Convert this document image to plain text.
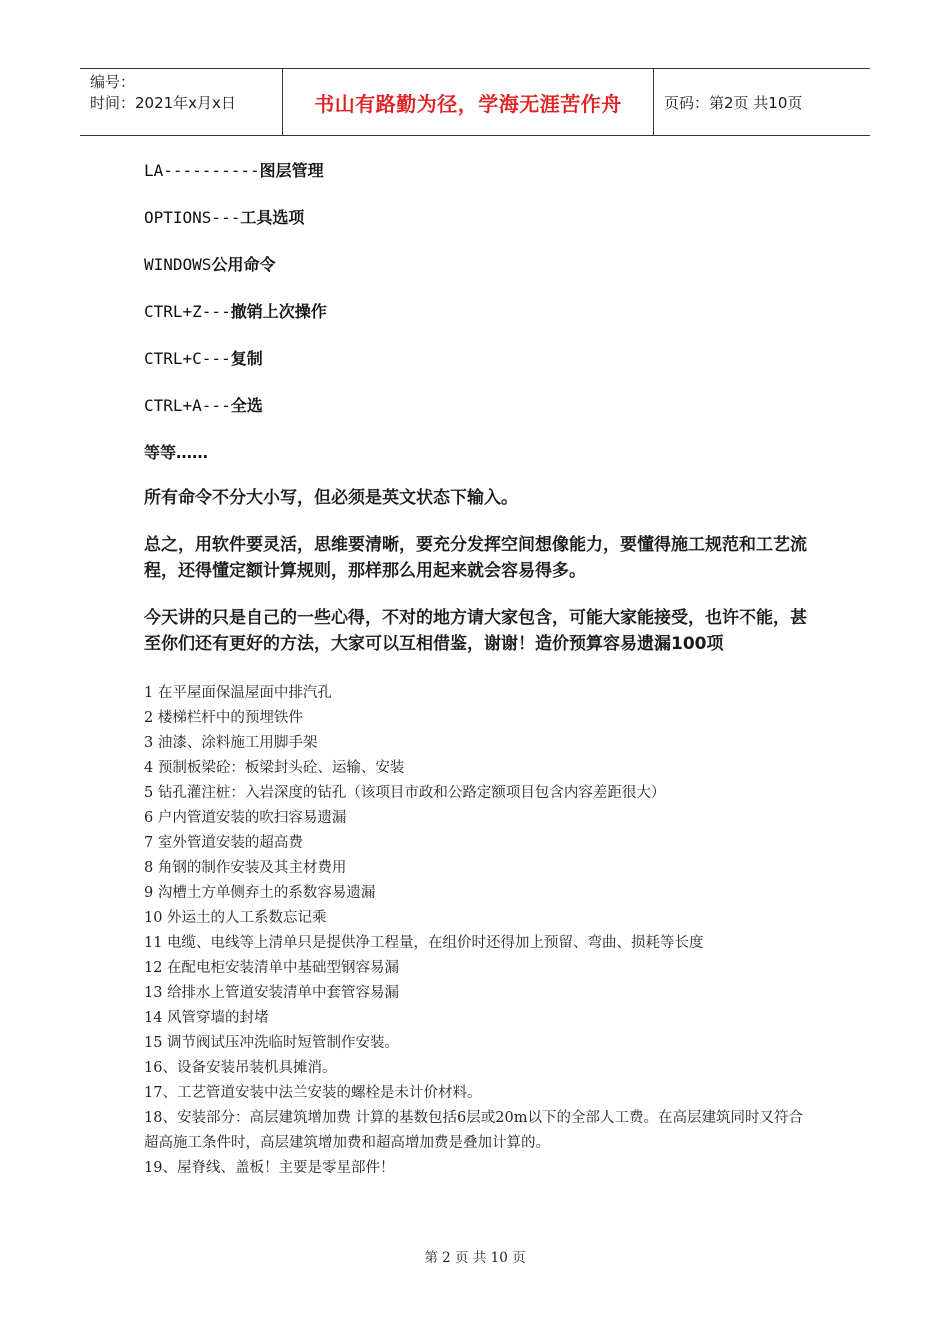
编号：
时间：2021年x月x日	书山有路勤为径，学海无涯苦作舟	页码：第2页 共10页
LA----------图层管理
OPTIONS---工具选项
WINDOWS公用命令
CTRL+Z---撤销上次操作
CTRL+C---复制
CTRL+A---全选
等等……

所有命令不分大小写，但必须是英文状态下输入。

总之，用软件要灵活，思维要清晰，要充分发挥空间想像能力，要懂得施工规范和工艺流程，还得懂定额计算规则，那样那么用起来就会容易得多。

今天讲的只是自己的一些心得，不对的地方请大家包含，可能大家能接受，也许不能，甚至你们还有更好的方法，大家可以互相借鉴，谢谢！造价预算容易遗漏100项

1 在平屋面保温屋面中排汽孔

2 楼梯栏杆中的预埋铁件

3 油漆、涂料施工用脚手架

4 预制板梁砼：板梁封头砼、运输、安装

5 钻孔灌注桩：入岩深度的钻孔（该项目市政和公路定额项目包含内容差距很大）

6 户内管道安装的吹扫容易遗漏

7 室外管道安装的超高费

8 角钢的制作安装及其主材费用

9 沟槽土方单侧弃土的系数容易遗漏

10 外运土的人工系数忘记乘

11 电缆、电线等上清单只是提供净工程量，在组价时还得加上预留、弯曲、损耗等长度

12 在配电柜安装清单中基础型钢容易漏

13 给排水上管道安装清单中套管容易漏

14 风管穿墙的封堵

15 调节阀试压冲洗临时短管制作安装。

16、设备安装吊装机具摊消。

17、工艺管道安装中法兰安装的螺栓是未计价材料。

18、安装部分：高层建筑增加费 计算的基数包括6层或20m以下的全部人工费。在高层建筑同时又符合超高施工条件时，高层建筑增加费和超高增加费是叠加计算的。

19、屋脊线、盖板！主要是零星部件！

第 2 页 共 10 页
